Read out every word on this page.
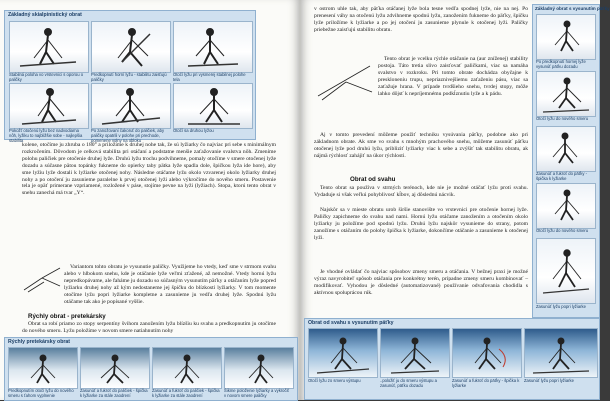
Základný skialpinistický obrat
Stabilná poloha vo vrstevnici s oporou o paličky
Predkopnutí horní lyžu - stabilitu zaisťujú paličky
Otočí lyžu pri vysmerej stabilnej polohe tela
Pokožť otočenú lyžu bez nadvodiarna nôh, lyžiku to najbližšie sobe - najlepšia stabilita
Po zanožovaní čakoruť do paličiek, aby paličky opatrili v polohe pri prechode, pomenene volny na obloku
Otočí sa druhou lyžou

kolene, otočíme ju zhruba o 180° a priložíme k druhej nohe tak, že sú lyžiarky čo najviac pri sebe s minimálnym rozkročením. Dôvodom je celková stabilita pri otáčaní a podstatne menšie zaťažovanie svalstva nôh. Zmeníme polohu paličiek pre otočenie druhej lyže. Druhú lyžu trochu podvihneme, pomaly otočíme v smere otočenej lyže dozadu a súčasne pätou topánky fukneme do opierky taby pätka lyže spadla dole, špičkou lyža ide hore), aby sme lyžiu lyže dostali k lyžiarke otočenej nohy. Následne otáčame lyžu okolo vzvarenej okolo lyžiarky druhej nohy a po otočení ju zasunieme paralelne k prvej otočenej lyži alebo výkročíme do nového smeru. Postavenie tela je opäť primerane vzpriamené, rozložené v páse, stojíme pevne na lyži (lyžiach). Stopa, ktorú tento obrat v snehu zanechá má tvar „Y“.

Variantom tohto obratu je vysunutie paličky. Využijeme ho vtedy, keď sme v strmom svahu alebo v hlbokom snehu, kde je otáčanie lyže veľmi zťažené, až nemožné. Vtedy hornú lyžu nepredkopávame, ale faháme ju dozadu so súčasným vysunutím päťky a otáčaním lyže popred lyžiarku druhej nohy až kým nedostaneme jej špičku do blízkosti lyžiarky. V tom momente otočíme lyžu popri lyžiarke kompletne a zasunieme ju vedľa druhej lyže. Spodnú lyžu otáčame tak ako je popísané vyššie.

Rýchly obrat - pretekársky

Obrat sa robí priamo zo stopy serpentíny švihom zanožením lyžu blízšiu ku svahu a predkopnutím ju otočíme do nového smeru. Lyžu položíme v novom smere natiahnutím nohy

Rýchly pretekársky obrat
Predkopnutím otočí lyžu do nového smeru s ťahom vyplnenie
Zasunúť a fukroť do paličiek - špička k lyžiarke za stále zaodrení
Zasunúť a fukroť do paličiek - špička k lyžiarke za stále zaodrení
Šikme položenie lyžiarky a vykročiť v novom smere paličky

v ostrom uhle tak, aby päťka otáčanej lyže bola tesne vedľa spodnej lyže, nie na nej. Po prenesení váhy na otočenú lyžu zdvihneme spodnú lyžu, zanožením fukneme do päťky, špičku lyže priložíme k lyžiarke a po jej otočení ju zasunieme plynule k otočenej lyži. Paličky priebežne zaisťujú stabilitu obratu.

Tento obrat je vcelku rýchle otáčanie na (aur zníženej) stability postoja. Táto tretia slivo zaisťovať paličkami, viac sa namáha svalstvo v rozkroku. Pri tomto obrate dochádza obyčajne k preskloneniu trupu, nepriaznivejšiemu zaťaženiu pásu, viac sa zaťažuje hrana. V prípade tvrdšieho snehu, tvrdej stopy, môže lahko dôjsť k nepríjemnému podkĺznutiu lyže a k pádu.

Aj v tomto prevedení môžeme použiť techniku vysúvania päťky, podobne ako pri základnom obrate. Ak sme vo svahu s mnohým prachového snehu, môžeme zasunúť päťku otočenej lyže pod druhú lyžu, pribliziť lyžiarky viac k sebe a zvýšiť tak stabilitu obratu, ak nájmä rýchlosť zahájiť na úkor rýchlosti.

Obrat od svahu

Tento obrat sa používa v strmých terénoch, kde nie je možné otáčať lyžu proti svahu. Vydaduje si však veľkú pohyblivosť kĺbov, aj dôslednú nácvik.

Najskôr sa v mieste obratu urob širšie stanovište vo vrstevnici pre otočenie hornej lyže. Paličky zapichneme do svahu nad nami. Hornú lyžu otáčame zanožením a otočením okolo lyžiarky ju položíme pod spodnú lyžu. Druhú lyžu najskôr vysunieme do strany, potom zanožíme s otáčaním do polohy špička k lyžiarke, dokončíme otáčanie a zasunieme k otočenej lyži.

Je vhodné ovládať čo najviac spôsobov zmeny smeru a otáčania. V bežnej praxi je možné výraz navyrobiteľ spôsob otáčania pre konkrétny terén, prípadne zmeny smeru kombinovať – modifikovať. Vyhodou je dôsledné (automatizované) používanie odvafovania chodidla s aktívnou spoluprácou rúk.

Základný obrat s vysunutím päťky
Po predkopnutí hornej lyže vysunúť päťku dozadu
Otočí lyžu do nového smeru
Zasunúť a fukroť do päťky - špička k lyžiarke
Otočí lyžu do nového smeru
Zasunúť lyžu popri lyžiarke
Obrat od svahu s vysunutím päťky
Otočí lyžu zo smeru výstupu	..položiť ju do smeru výstupu a zasunúť, päťku dozadu
Zasunúť a fukroť do päťky - špička k lyžiarke
Zasunúť lyžu popri lyžiarke
